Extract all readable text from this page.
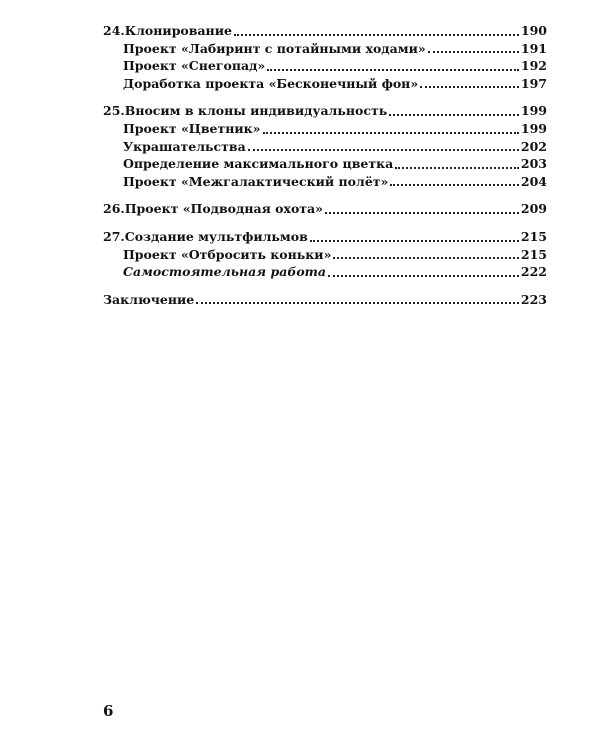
24. Клонирование	190
Проект «Лабиринт с потайными ходами»	191
Проект «Снегопад»	192
Доработка проекта «Бесконечный фон»	197
25. Вносим в клоны индивидуальность	199
Проект «Цветник»	199
Украшательства	202
Определение максимального цветка	203
Проект «Межгалактический полёт»	204
26. Проект «Подводная охота»	209
27. Создание мультфильмов	215
Проект «Отбросить коньки»	215
Самостоятельная работа	222
Заключение	223
6
